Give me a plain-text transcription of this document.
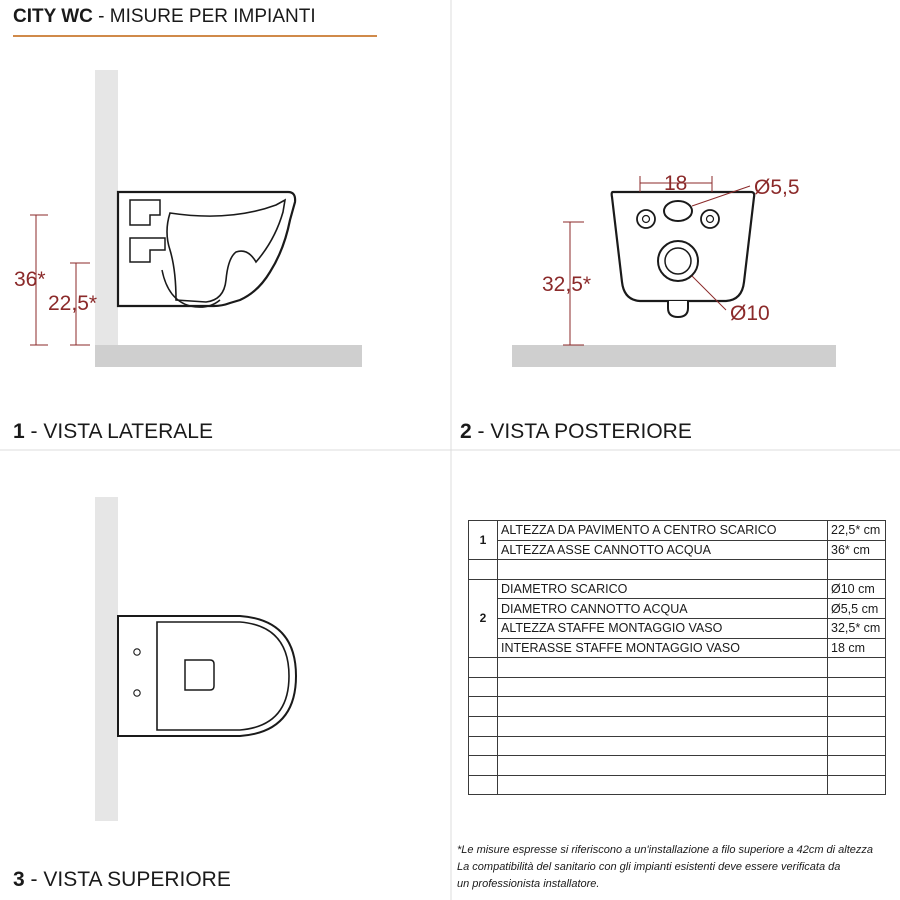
CITY WC - MISURE PER IMPIANTI
36*
22,5*
18	Ø5,5
32,5*
Ø10
1 - VISTA LATERALE	2 - VISTA POSTERIORE
3 - VISTA SUPERIORE
1	ALTEZZA DA PAVIMENTO A CENTRO SCARICO	22,5* cm
	ALTEZZA ASSE CANNOTTO ACQUA	36* cm

2	DIAMETRO SCARICO	Ø10 cm
	DIAMETRO CANNOTTO ACQUA	Ø5,5 cm
	ALTEZZA STAFFE MONTAGGIO VASO	32,5* cm
	INTERASSE STAFFE MONTAGGIO VASO	18 cm

*Le misure espresse si riferiscono a un'installazione a filo superiore a 42cm di altezza
La compatibilità del sanitario con gli impianti esistenti deve essere verificata da
un professionista installatore.
